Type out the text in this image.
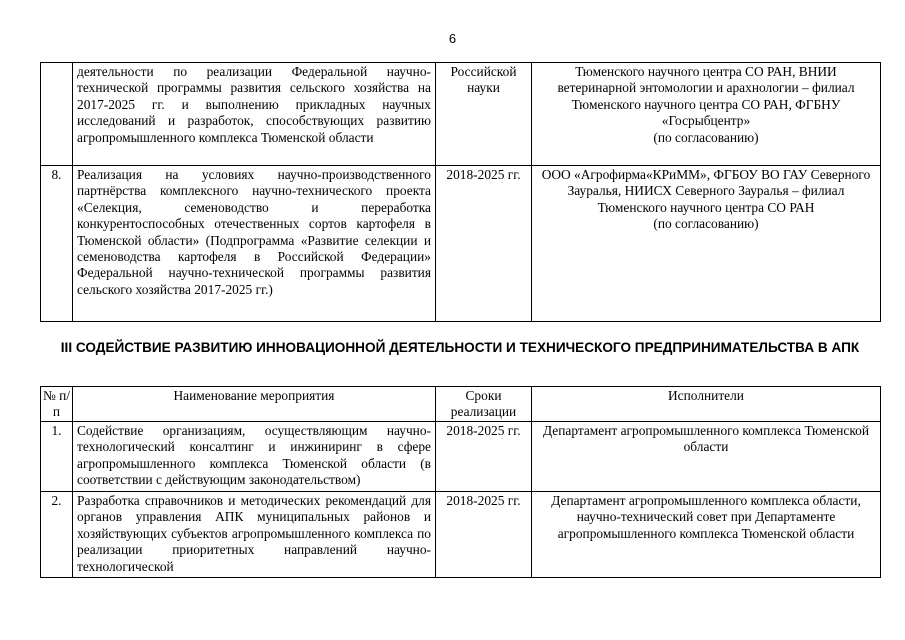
6
	деятельности по реализации Федеральной научно-технической программы развития сельского хозяйства на 2017-2025 гг. и выполнению прикладных научных исследований и разработок, способствующих развитию агропромышленного комплекса Тюменской области	Российской науки	Тюменского научного центра СО РАН, ВНИИ ветеринарной энтомологии и арахнологии – филиал Тюменского научного центра СО РАН, ФГБНУ «Госрыбцентр»
(по согласованию)
8.	Реализация на условиях научно-производственного партнёрства комплексного научно-технического проекта «Селекция, семеноводство и переработка конкурентоспособных отечественных сортов картофеля в Тюменской области» (Подпрограмма «Развитие селекции и семеноводства картофеля в Российской Федерации» Федеральной научно-технической программы развития сельского хозяйства 2017-2025 гг.)	2018-2025 гг.	ООО «Агрофирма«КРиММ», ФГБОУ ВО ГАУ Северного Зауралья, НИИСХ Северного Зауралья – филиал Тюменского научного центра СО РАН
(по согласованию)
III СОДЕЙСТВИЕ РАЗВИТИЮ ИННОВАЦИОННОЙ ДЕЯТЕЛЬНОСТИ И ТЕХНИЧЕСКОГО ПРЕДПРИНИМАТЕЛЬСТВА В АПК
№ п/п	Наименование мероприятия	Сроки реализации	Исполнители
1.	Содействие организациям, осуществляющим научно-технологический консалтинг и инжиниринг в сфере агропромышленного комплекса Тюменской области (в соответствии с действующим законодательством)	2018-2025 гг.	Департамент агропромышленного комплекса Тюменской области
2.	Разработка справочников и методических рекомендаций для органов управления АПК муниципальных районов и хозяйствующих субъектов агропромышленного комплекса по реализации приоритетных направлений научно-технологической	2018-2025 гг.	Департамент агропромышленного комплекса области, научно-технический совет при Департаменте агропромышленного комплекса Тюменской области
